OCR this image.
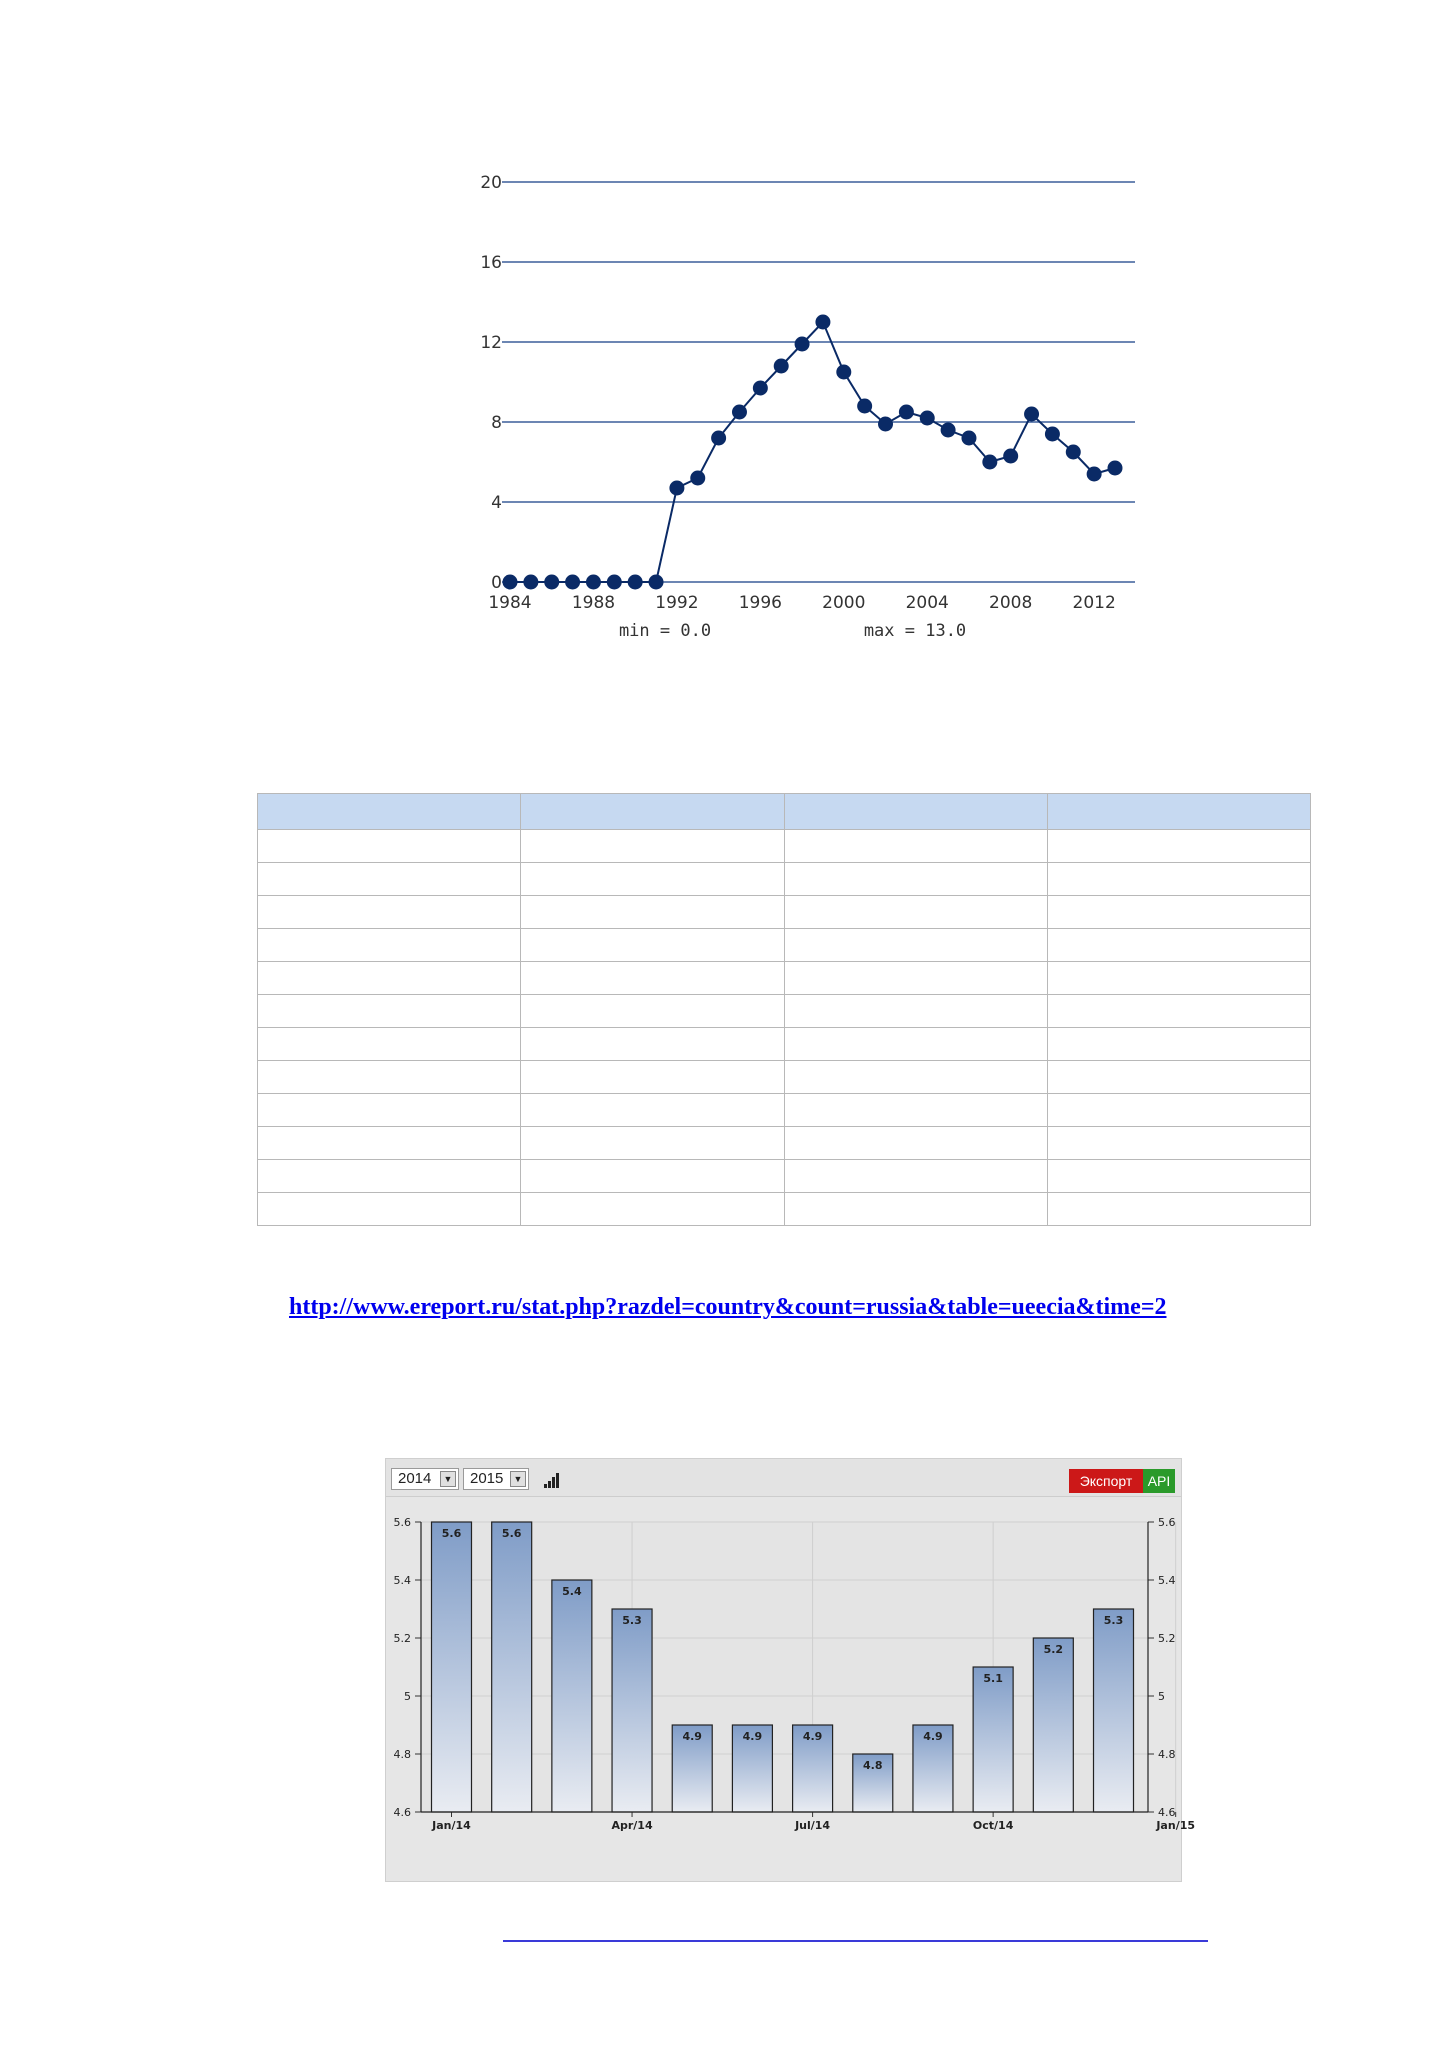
0
4
8
12
16
20
1984 1988 1992 1996 2000 2004 2008 2012
min = 0.0	max = 13.0

http://www.ereport.ru/stat.php?razdel=country&count=russia&table=ueecia&time=2
2014	▼	2015	▼	Экспорт	API
5.6	5.6
5.4	5.4
5.2	5.2
5	5
4.8	4.8
4.6	4.6
Jan/14	Apr/14	Jul/14	Oct/14	Jan/15
5.6	5.6
5.4
5.3
4.9	4.9	4.9
4.8
4.9
5.1
5.2
5.3
